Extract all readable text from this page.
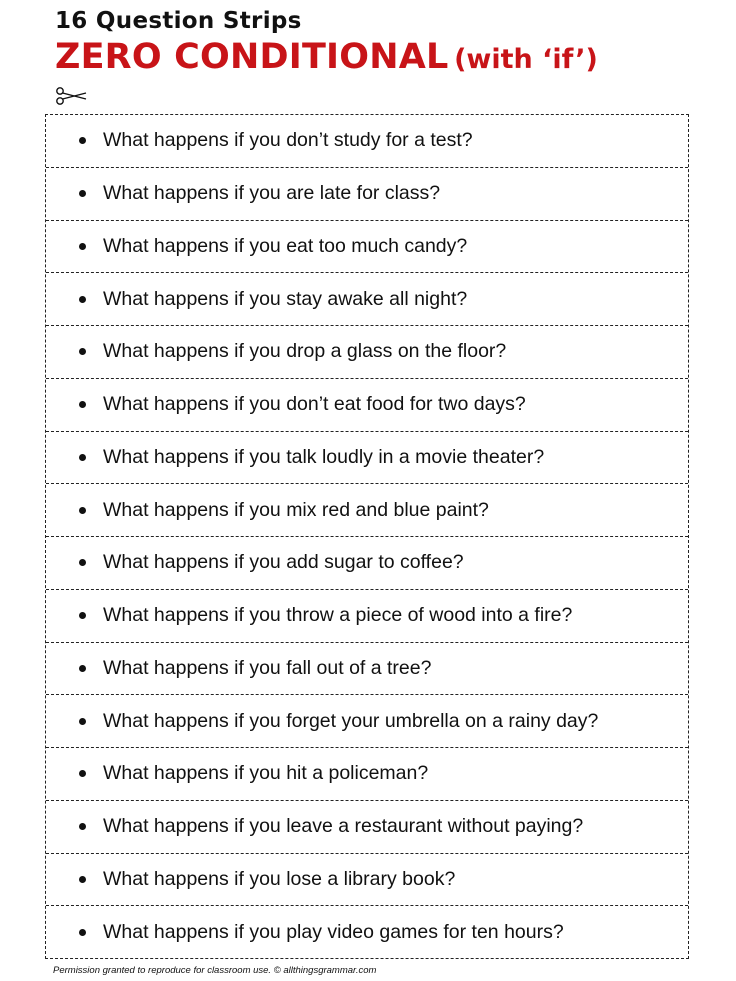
16 Question Strips
ZERO CONDITIONAL (with ‘if’)
What happens if you don’t study for a test?
What happens if you are late for class?
What happens if you eat too much candy?
What happens if you stay awake all night?
What happens if you drop a glass on the floor?
What happens if you don’t eat food for two days?
What happens if you talk loudly in a movie theater?
What happens if you mix red and blue paint?
What happens if you add sugar to coffee?
What happens if you throw a piece of wood into a fire?
What happens if you fall out of a tree?
What happens if you forget your umbrella on a rainy day?
What happens if you hit a policeman?
What happens if you leave a restaurant without paying?
What happens if you lose a library book?
What happens if you play video games for ten hours?
Permission granted to reproduce for classroom use. © allthingsgrammar.com
